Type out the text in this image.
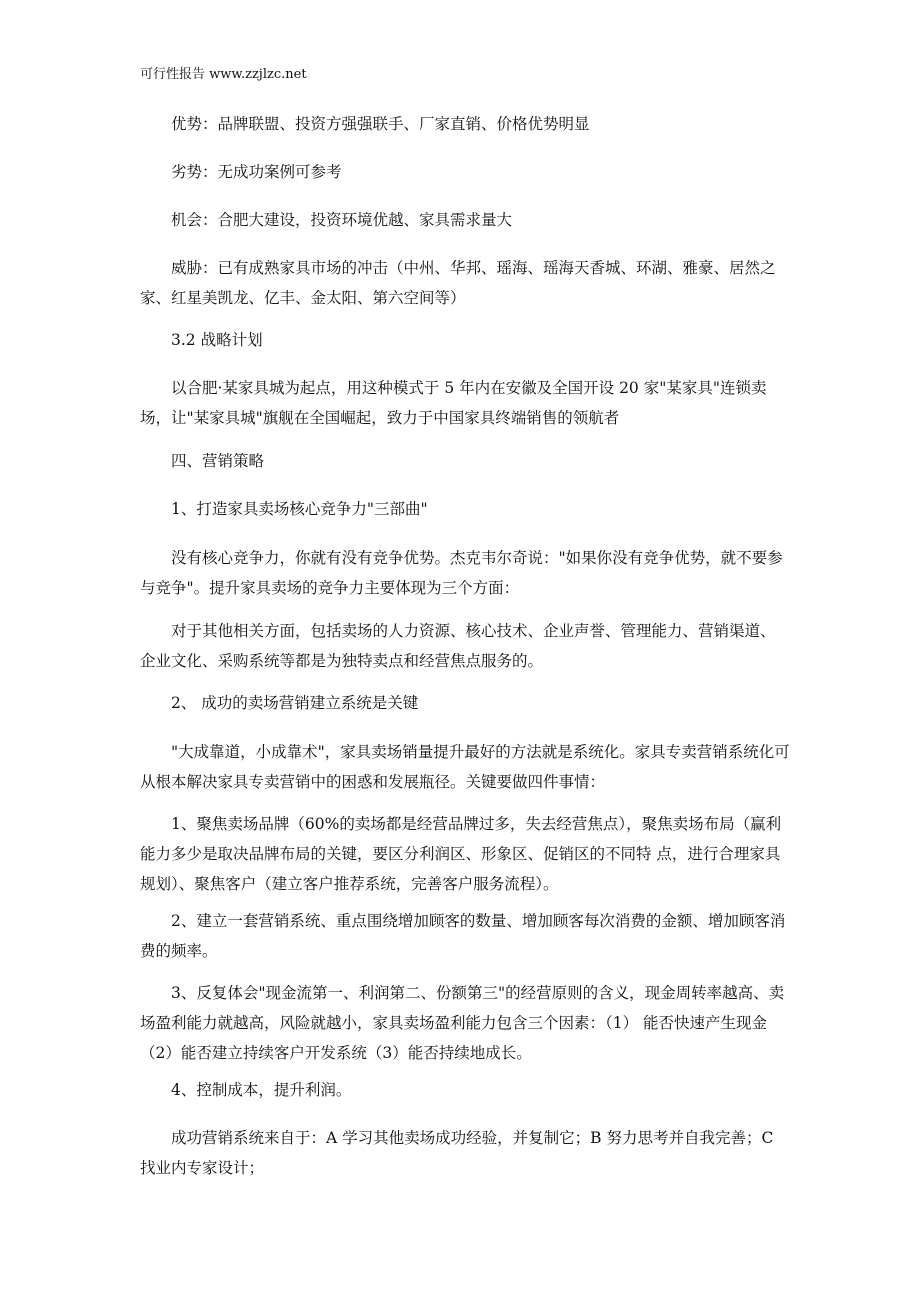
可行性报告 www.zzjlzc.net

优势：品牌联盟、投资方强强联手、厂家直销、价格优势明显

劣势：无成功案例可参考

机会：合肥大建设，投资环境优越、家具需求量大

威胁：已有成熟家具市场的冲击（中州、华邦、瑶海、瑶海天香城、环湖、雅豪、居然之家、红星美凯龙、亿丰、金太阳、第六空间等）

3.2 战略计划

以合肥·某家具城为起点，用这种模式于 5 年内在安徽及全国开设 20 家"某家具"连锁卖场，让"某家具城"旗舰在全国崛起，致力于中国家具终端销售的领航者

四、营销策略

1、打造家具卖场核心竞争力"三部曲"

没有核心竞争力，你就有没有竞争优势。杰克韦尔奇说："如果你没有竞争优势，就不要参与竞争"。提升家具卖场的竞争力主要体现为三个方面：

对于其他相关方面，包括卖场的人力资源、核心技术、企业声誉、管理能力、营销渠道、企业文化、采购系统等都是为独特卖点和经营焦点服务的。

2、 成功的卖场营销建立系统是关键

"大成靠道，小成靠术"，家具卖场销量提升最好的方法就是系统化。家具专卖营销系统化可从根本解决家具专卖营销中的困惑和发展瓶径。关键要做四件事情：

1、聚焦卖场品牌（60%的卖场都是经营品牌过多，失去经营焦点），聚焦卖场布局（赢利能力多少是取决品牌布局的关键，要区分利润区、形象区、促销区的不同特 点，进行合理家具规划）、聚焦客户（建立客户推荐系统，完善客户服务流程）。

2、建立一套营销系统、重点围绕增加顾客的数量、增加顾客每次消费的金额、增加顾客消费的频率。

3、反复体会"现金流第一、利润第二、份额第三"的经营原则的含义，现金周转率越高、卖场盈利能力就越高，风险就越小，家具卖场盈利能力包含三个因素：（1） 能否快速产生现金（2）能否建立持续客户开发系统（3）能否持续地成长。

4、控制成本，提升利润。

成功营销系统来自于：A 学习其他卖场成功经验，并复制它；B 努力思考并自我完善；C 找业内专家设计；
